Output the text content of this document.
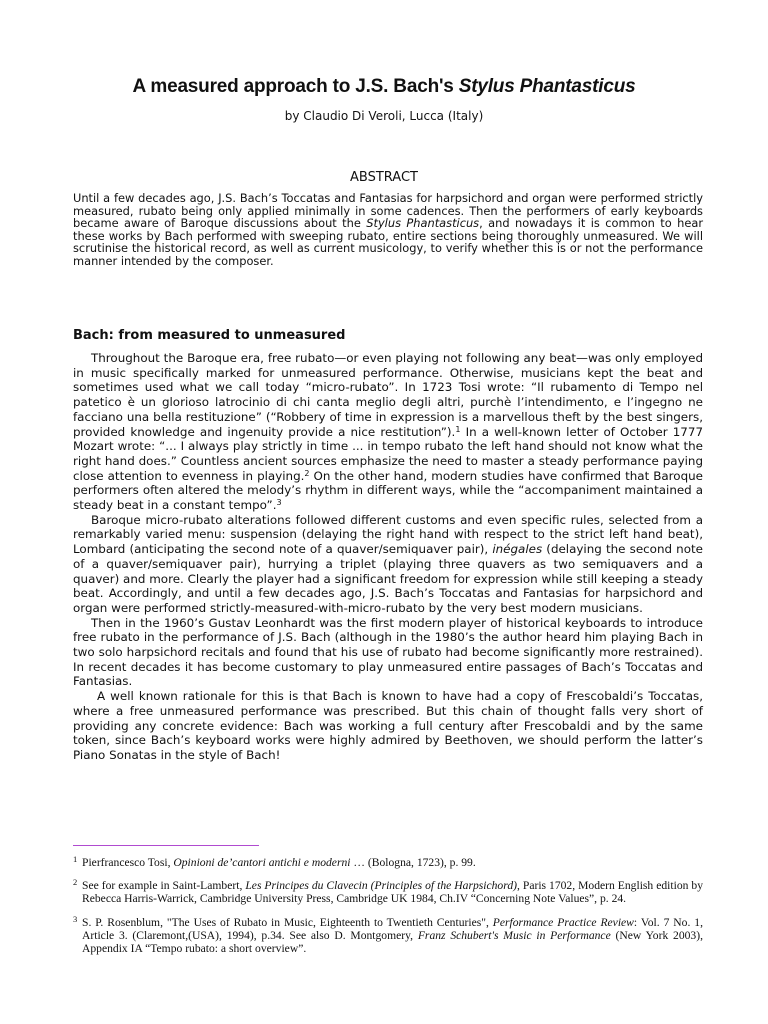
A measured approach to J.S. Bach's Stylus Phantasticus
by Claudio Di Veroli, Lucca (Italy)
ABSTRACT

Until a few decades ago, J.S. Bach’s Toccatas and Fantasias for harpsichord and organ were performed strictly measured, rubato being only applied minimally in some cadences. Then the performers of early keyboards became aware of Baroque discussions about the Stylus Phantasticus, and nowadays it is common to hear these works by Bach performed with sweeping rubato, entire sections being thoroughly unmeasured. We will scrutinise the historical record, as well as current musicology, to verify whether this is or not the performance manner intended by the composer.

Bach: from measured to unmeasured

Throughout the Baroque era, free rubato—or even playing not following any beat—was only employed in music specifically marked for unmeasured performance. Otherwise, musicians kept the beat and sometimes used what we call today “micro-rubato”. In 1723 Tosi wrote: “Il rubamento di Tempo nel patetico è un glorioso latrocinio di chi canta meglio degli altri, purchè l’intendimento, e l’ingegno ne facciano una bella restituzione” (“Robbery of time in expression is a marvellous theft by the best singers, provided knowledge and ingenuity provide a nice restitution”).$^1$ In a well-known letter of October 1777 Mozart wrote: “... I always play strictly in time ... in tempo rubato the left hand should not know what the right hand does.” Countless ancient sources emphasize the need to master a steady performance paying close attention to evenness in playing.$^2$ On the other hand, modern studies have confirmed that Baroque performers often altered the melody’s rhythm in different ways, while the “accompaniment maintained a steady beat in a constant tempo”.$^3$

Baroque micro-rubato alterations followed different customs and even specific rules, selected from a remarkably varied menu: suspension (delaying the right hand with respect to the strict left hand beat), Lombard (anticipating the second note of a quaver/semiquaver pair), inégales (delaying the second note of a quaver/semiquaver pair), hurrying a triplet (playing three quavers as two semiquavers and a quaver) and more. Clearly the player had a significant freedom for expression while still keeping a steady beat. Accordingly, and until a few decades ago, J.S. Bach’s Toccatas and Fantasias for harpsichord and organ were performed strictly-measured-with-micro-rubato by the very best modern musicians.

Then in the 1960’s Gustav Leonhardt was the first modern player of historical keyboards to introduce free rubato in the performance of J.S. Bach (although in the 1980’s the author heard him playing Bach in two solo harpsichord recitals and found that his use of rubato had become significantly more restrained). In recent decades it has become customary to play unmeasured entire passages of Bach’s Toccatas and Fantasias.

A well known rationale for this is that Bach is known to have had a copy of Frescobaldi’s Toccatas, where a free unmeasured performance was prescribed. But this chain of thought falls very short of providing any concrete evidence: Bach was working a full century after Frescobaldi and by the same token, since Bach’s keyboard works were highly admired by Beethoven, we should perform the latter’s Piano Sonatas in the style of Bach!

1 Pierfrancesco Tosi, Opinioni de’cantori antichi e moderni … (Bologna, 1723), p. 99.

2 See for example in Saint-Lambert, Les Principes du Clavecin (Principles of the Harpsichord), Paris 1702, Modern English edition by Rebecca Harris-Warrick, Cambridge University Press, Cambridge UK 1984, Ch.IV “Concerning Note Values”, p. 24.

3 S. P. Rosenblum, "The Uses of Rubato in Music, Eighteenth to Twentieth Centuries", Performance Practice Review: Vol. 7 No. 1, Article 3. (Claremont,(USA), 1994), p.34. See also D. Montgomery, Franz Schubert's Music in Performance (New York 2003), Appendix IA “Tempo rubato: a short overview”.
